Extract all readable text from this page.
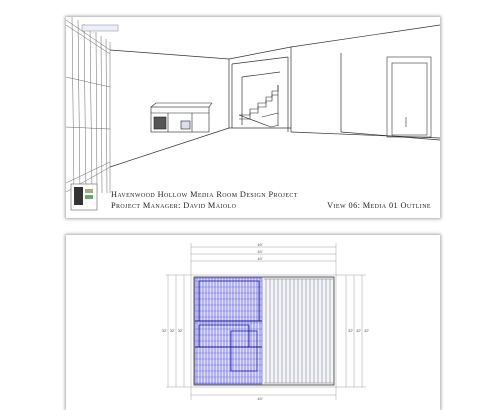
Havenwood Hollow Media Room Design Project
Project Manager: David Maiolo	View 06: Media 01 Outline
40'
40'
40'
32' 32' 32'	32' 32' 32'
40'
